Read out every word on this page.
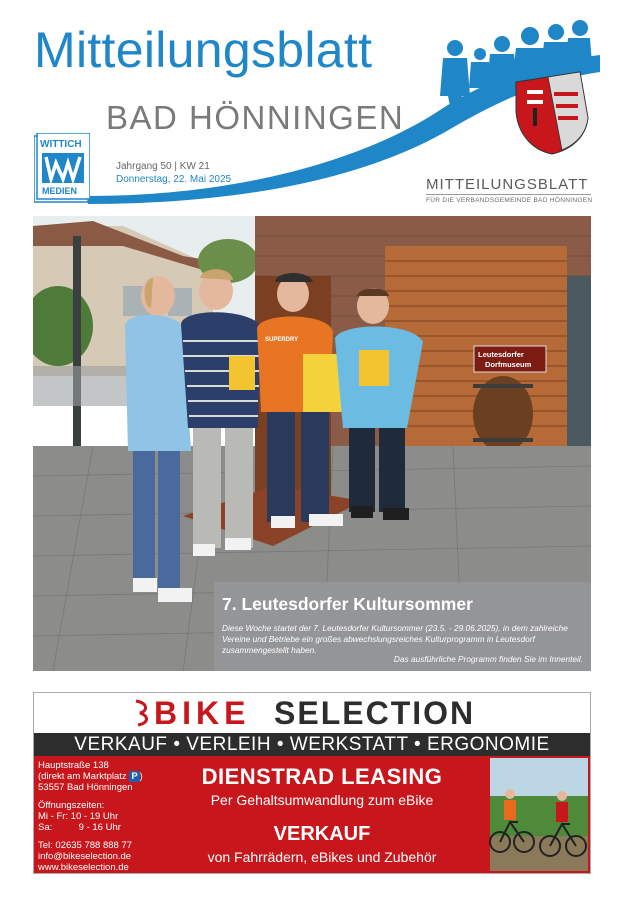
Mitteilungsblatt
BAD HÖNNINGEN
WITTICH
MEDIEN
Jahrgang 50 | KW 21
Donnerstag, 22. Mai 2025	MITTEILUNGSBLATT
FÜR DIE VERBANDSGEMEINDE BAD HÖNNINGEN
Leutesdorfer
Dorfmuseum
SUPERDRY
7. Leutesdorfer Kultursommer
Diese Woche startet der 7. Leutesdorfer Kultursommer (23.5. - 29.06.2025), in dem zahlreiche Vereine und Betriebe ein großes abwechslungsreiches Kulturprogramm in Leutesdorf zusammengestellt haben.
Das ausführliche Programm finden Sie im Innenteil.
BIKE SELECTION
VERKAUF • VERLEIH • WERKSTATT • ERGONOMIE
Hauptstraße 138
(direkt am Marktplatz P )
53557 Bad Hönningen
Öffnungszeiten:
Mi - Fr: 10 - 19 Uhr
Sa:          9 - 16 Uhr
Tel: 02635 788 888 77
info@bikeselection.de
www.bikeselection.de
DIENSTRAD LEASING
Per Gehaltsumwandlung zum eBike
VERKAUF
von Fahrrädern, eBikes und Zubehör
